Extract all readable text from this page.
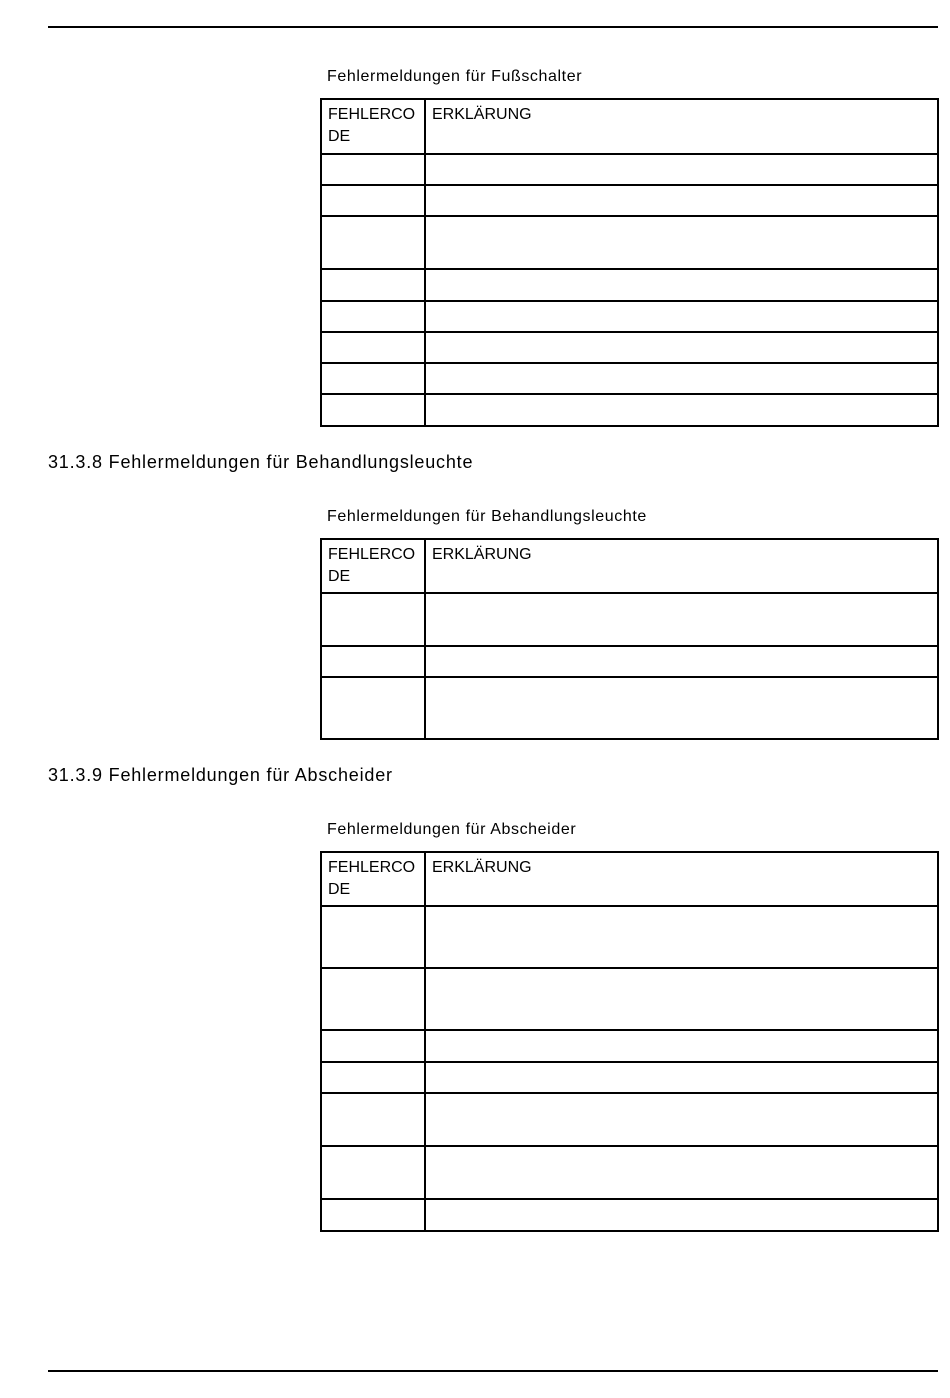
Fehlermeldungen für Fußschalter
FEHLERCODE	ERKLÄRUNG

31.3.8 Fehlermeldungen für Behandlungsleuchte
Fehlermeldungen für Behandlungsleuchte
FEHLERCODE	ERKLÄRUNG

31.3.9 Fehlermeldungen für Abscheider
Fehlermeldungen für Abscheider
FEHLERCODE	ERKLÄRUNG
